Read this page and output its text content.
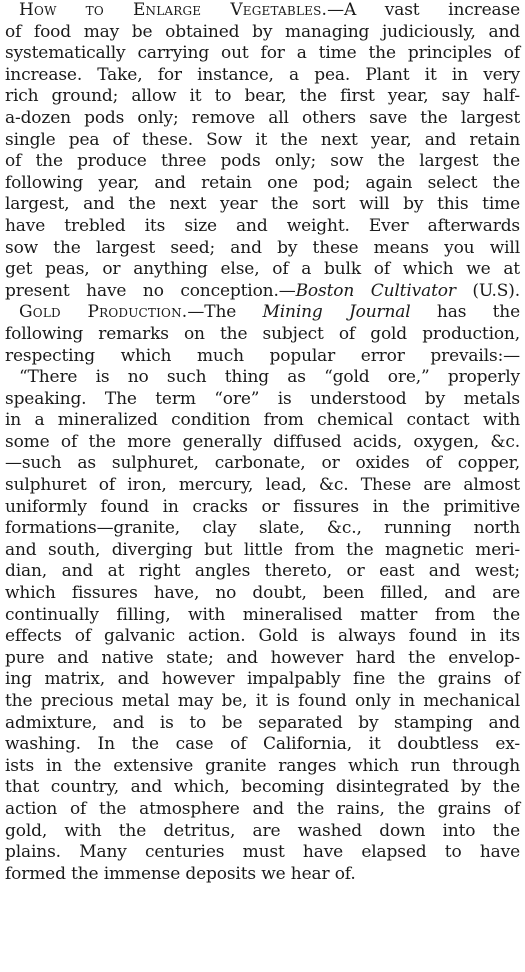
How to Enlarge Vegetables.—A vast increase
of food may be obtained by managing judiciously, and
systematically carrying out for a time the principles of
increase. Take, for instance, a pea. Plant it in very
rich ground; allow it to bear, the first year, say half-
a-dozen pods only; remove all others save the largest
single pea of these. Sow it the next year, and retain
of the produce three pods only; sow the largest the
following year, and retain one pod; again select the
largest, and the next year the sort will by this time
have trebled its size and weight. Ever afterwards
sow the largest seed; and by these means you will
get peas, or anything else, of a bulk of which we at
present have no conception.—Boston Cultivator (U.S).
Gold Production.—The Mining Journal has the
following remarks on the subject of gold production,
respecting which much popular error prevails:—
“There is no such thing as “gold ore,” properly
speaking. The term “ore” is understood by metals
in a mineralized condition from chemical contact with
some of the more generally diffused acids, oxygen, &c.
—such as sulphuret, carbonate, or oxides of copper,
sulphuret of iron, mercury, lead, &c. These are almost
uniformly found in cracks or fissures in the primitive
formations—granite, clay slate, &c., running north
and south, diverging but little from the magnetic meri-
dian, and at right angles thereto, or east and west;
which fissures have, no doubt, been filled, and are
continually filling, with mineralised matter from the
effects of galvanic action. Gold is always found in its
pure and native state; and however hard the envelop-
ing matrix, and however impalpably fine the grains of
the precious metal may be, it is found only in mechanical
admixture, and is to be separated by stamping and
washing. In the case of California, it doubtless ex-
ists in the extensive granite ranges which run through
that country, and which, becoming disintegrated by the
action of the atmosphere and the rains, the grains of
gold, with the detritus, are washed down into the
plains. Many centuries must have elapsed to have
formed the immense deposits we hear of.
